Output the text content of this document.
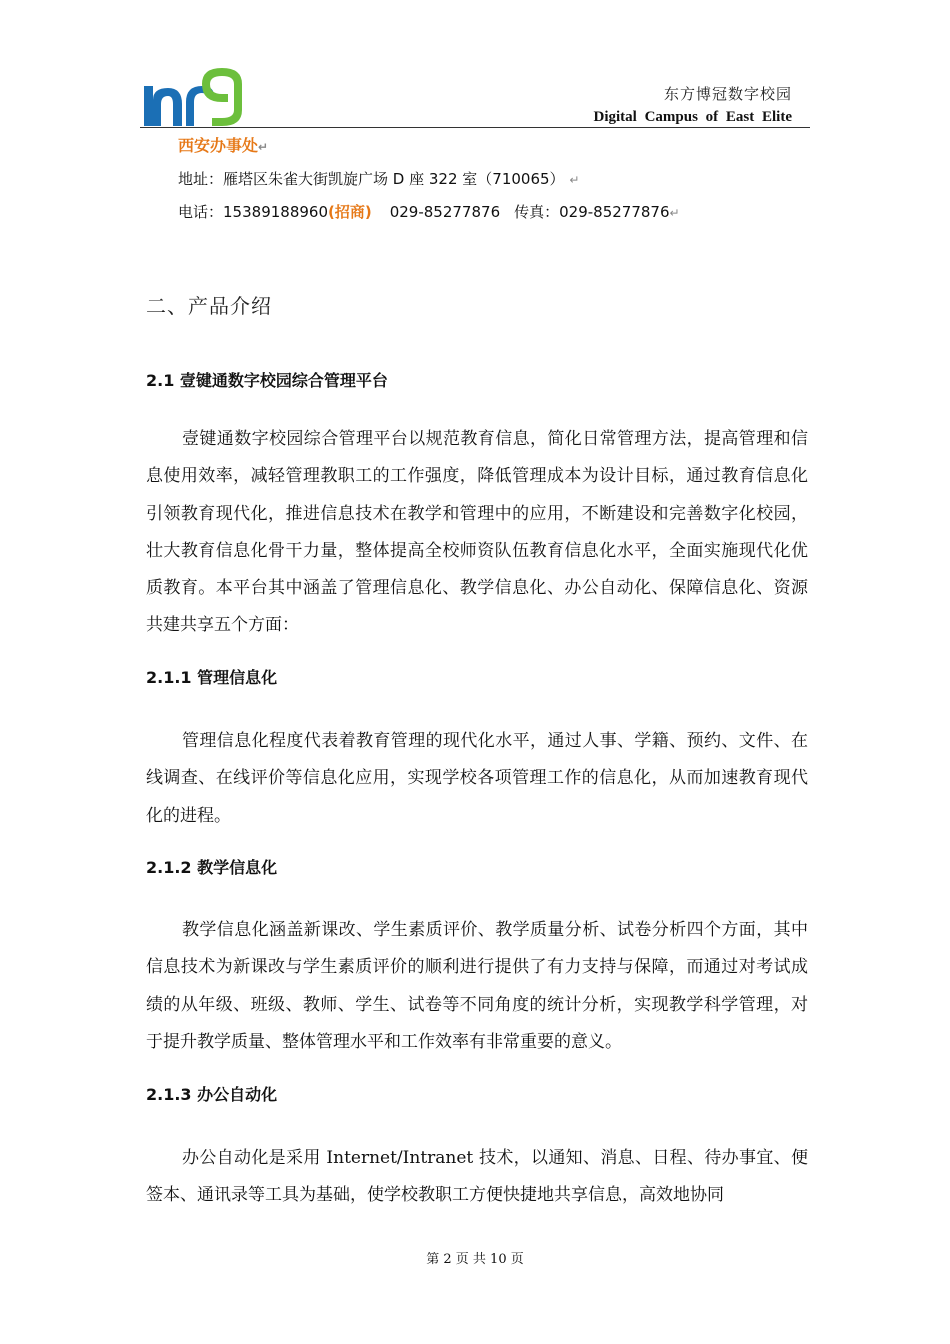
东方博冠数字校园
Digital Campus of East Elite
西安办事处↵
地址：雁塔区朱雀大街凯旋广场 D 座 322 室（710065） ↵
电话：15389188960(招商) 029-85277876 传真：029-85277876↵
二、产品介绍
2.1 壹键通数字校园综合管理平台

壹键通数字校园综合管理平台以规范教育信息，简化日常管理方法，提高管理和信息使用效率，减轻管理教职工的工作强度，降低管理成本为设计目标，通过教育信息化引领教育现代化，推进信息技术在教学和管理中的应用，不断建设和完善数字化校园，壮大教育信息化骨干力量，整体提高全校师资队伍教育信息化水平，全面实施现代化优质教育。本平台其中涵盖了管理信息化、教学信息化、办公自动化、保障信息化、资源共建共享五个方面：

2.1.1 管理信息化

管理信息化程度代表着教育管理的现代化水平，通过人事、学籍、预约、文件、在线调查、在线评价等信息化应用，实现学校各项管理工作的信息化，从而加速教育现代化的进程。

2.1.2 教学信息化

教学信息化涵盖新课改、学生素质评价、教学质量分析、试卷分析四个方面，其中信息技术为新课改与学生素质评价的顺利进行提供了有力支持与保障，而通过对考试成绩的从年级、班级、教师、学生、试卷等不同角度的统计分析，实现教学科学管理，对于提升教学质量、整体管理水平和工作效率有非常重要的意义。

2.1.3 办公自动化

办公自动化是采用 Internet/Intranet 技术，以通知、消息、日程、待办事宜、便签本、通讯录等工具为基础，使学校教职工方便快捷地共享信息，高效地协同

第 2 页 共 10 页
